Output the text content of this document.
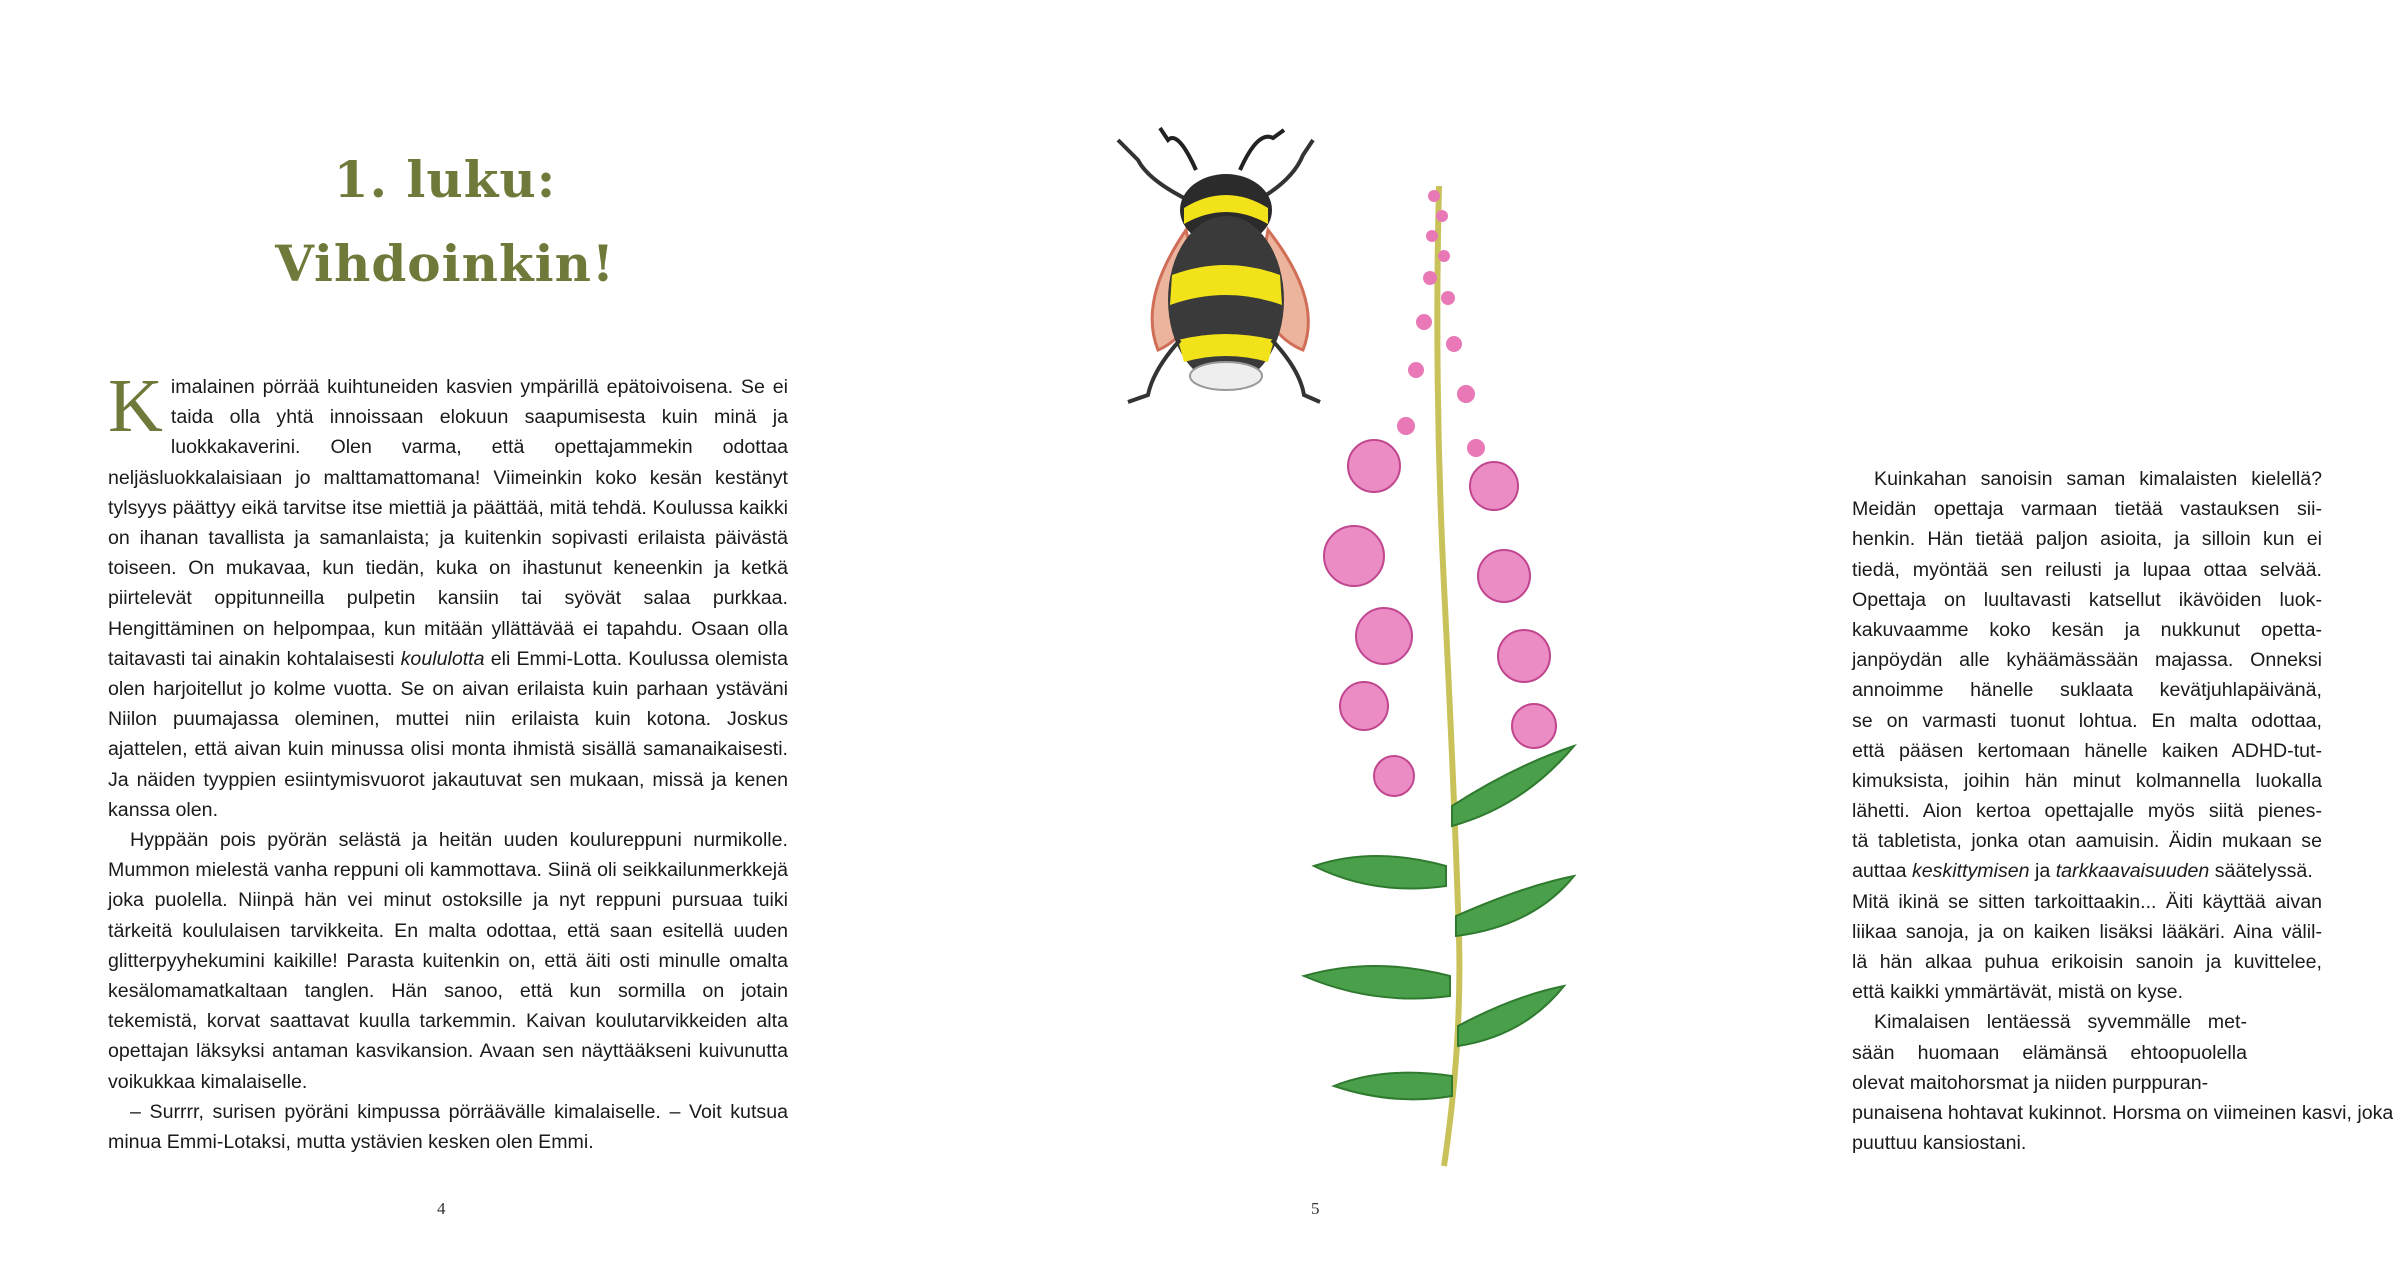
1. luku:
Vihdoinkin!

Kimalainen pörrää kuihtuneiden kasvien ympärillä epätoivoisena. Se ei taida olla yhtä innoissaan elokuun saapumisesta kuin minä ja luokkakaverini. Olen varma, että opettajammekin odottaa neljäsluokkalaisiaan jo malttamattomana! Viimeinkin koko kesän kestänyt tylsyys päättyy eikä tarvitse itse miettiä ja päättää, mitä tehdä. Koulussa kaikki on ihanan tavallista ja samanlaista; ja kuitenkin sopivasti erilaista päivästä toiseen. On mukavaa, kun tiedän, kuka on ihastunut keneenkin ja ketkä piirtelevät oppitunneilla pulpetin kansiin tai syövät salaa purkkaa. Hengittäminen on helpompaa, kun mitään yllättävää ei tapahdu. Osaan olla taitavasti tai ainakin kohtalaisesti koululotta eli Emmi-Lotta. Koulussa olemista olen harjoitellut jo kolme vuotta. Se on aivan erilaista kuin parhaan ystäväni Niilon puumajassa oleminen, muttei niin erilaista kuin kotona. Joskus ajattelen, että aivan kuin minussa olisi monta ihmistä sisällä samanaikaisesti. Ja näiden tyyppien esiintymisvuorot jakautuvat sen mukaan, missä ja kenen kanssa olen.

Hyppään pois pyörän selästä ja heitän uuden koulureppuni nurmikolle. Mummon mielestä vanha reppuni oli kammottava. Siinä oli seikkailunmerkkejä joka puolella. Niinpä hän vei minut ostoksille ja nyt reppuni pursuaa tuiki tärkeitä koululaisen tarvikkeita. En malta odottaa, että saan esitellä uuden glitterpyyhekumini kaikille! Parasta kuitenkin on, että äiti osti minulle omalta kesälomamatkaltaan tanglen. Hän sanoo, että kun sormilla on jotain tekemistä, korvat saattavat kuulla tarkemmin. Kaivan koulutarvikkeiden alta opettajan läksyksi antaman kasvikansion. Avaan sen näyttääkseni kuivunutta voikukkaa kimalaiselle.

– Surrrr, surisen pyöräni kimpussa pörräävälle kimalaiselle. – Voit kutsua minua Emmi-Lotaksi, mutta ystävien kesken olen Emmi.

4
Kuinkahan sanoisin saman kimalaisten kielellä?
Meidän opettaja varmaan tietää vastauksen sii-
henkin. Hän tietää paljon asioita, ja silloin kun ei
tiedä, myöntää sen reilusti ja lupaa ottaa selvää.
Opettaja on luultavasti katsellut ikävöiden luok-
kakuvaamme koko kesän ja nukkunut opetta-
janpöydän alle kyhäämässään majassa. Onneksi
annoimme hänelle suklaata kevätjuhlapäivänä,
se on varmasti tuonut lohtua. En malta odottaa,
että pääsen kertomaan hänelle kaiken ADHD-tut-
kimuksista, joihin hän minut kolmannella luokalla
lähetti. Aion kertoa opettajalle myös siitä pienes-
tä tabletista, jonka otan aamuisin. Äidin mukaan se
auttaa keskittymisen ja tarkkaavaisuuden säätelyssä.
Mitä ikinä se sitten tarkoittaakin... Äiti käyttää aivan
liikaa sanoja, ja on kaiken lisäksi lääkäri. Aina välil-
lä hän alkaa puhua erikoisin sanoin ja kuvittelee,
että kaikki ymmärtävät, mistä on kyse.
Kimalaisen lentäessä syvemmälle met-
sään huomaan elämänsä ehtoopuolella
olevat maitohorsmat ja niiden purppuran-
punaisena hohtavat kukinnot. Horsma on viimeinen kasvi, joka
puuttuu kansiostani.
5
